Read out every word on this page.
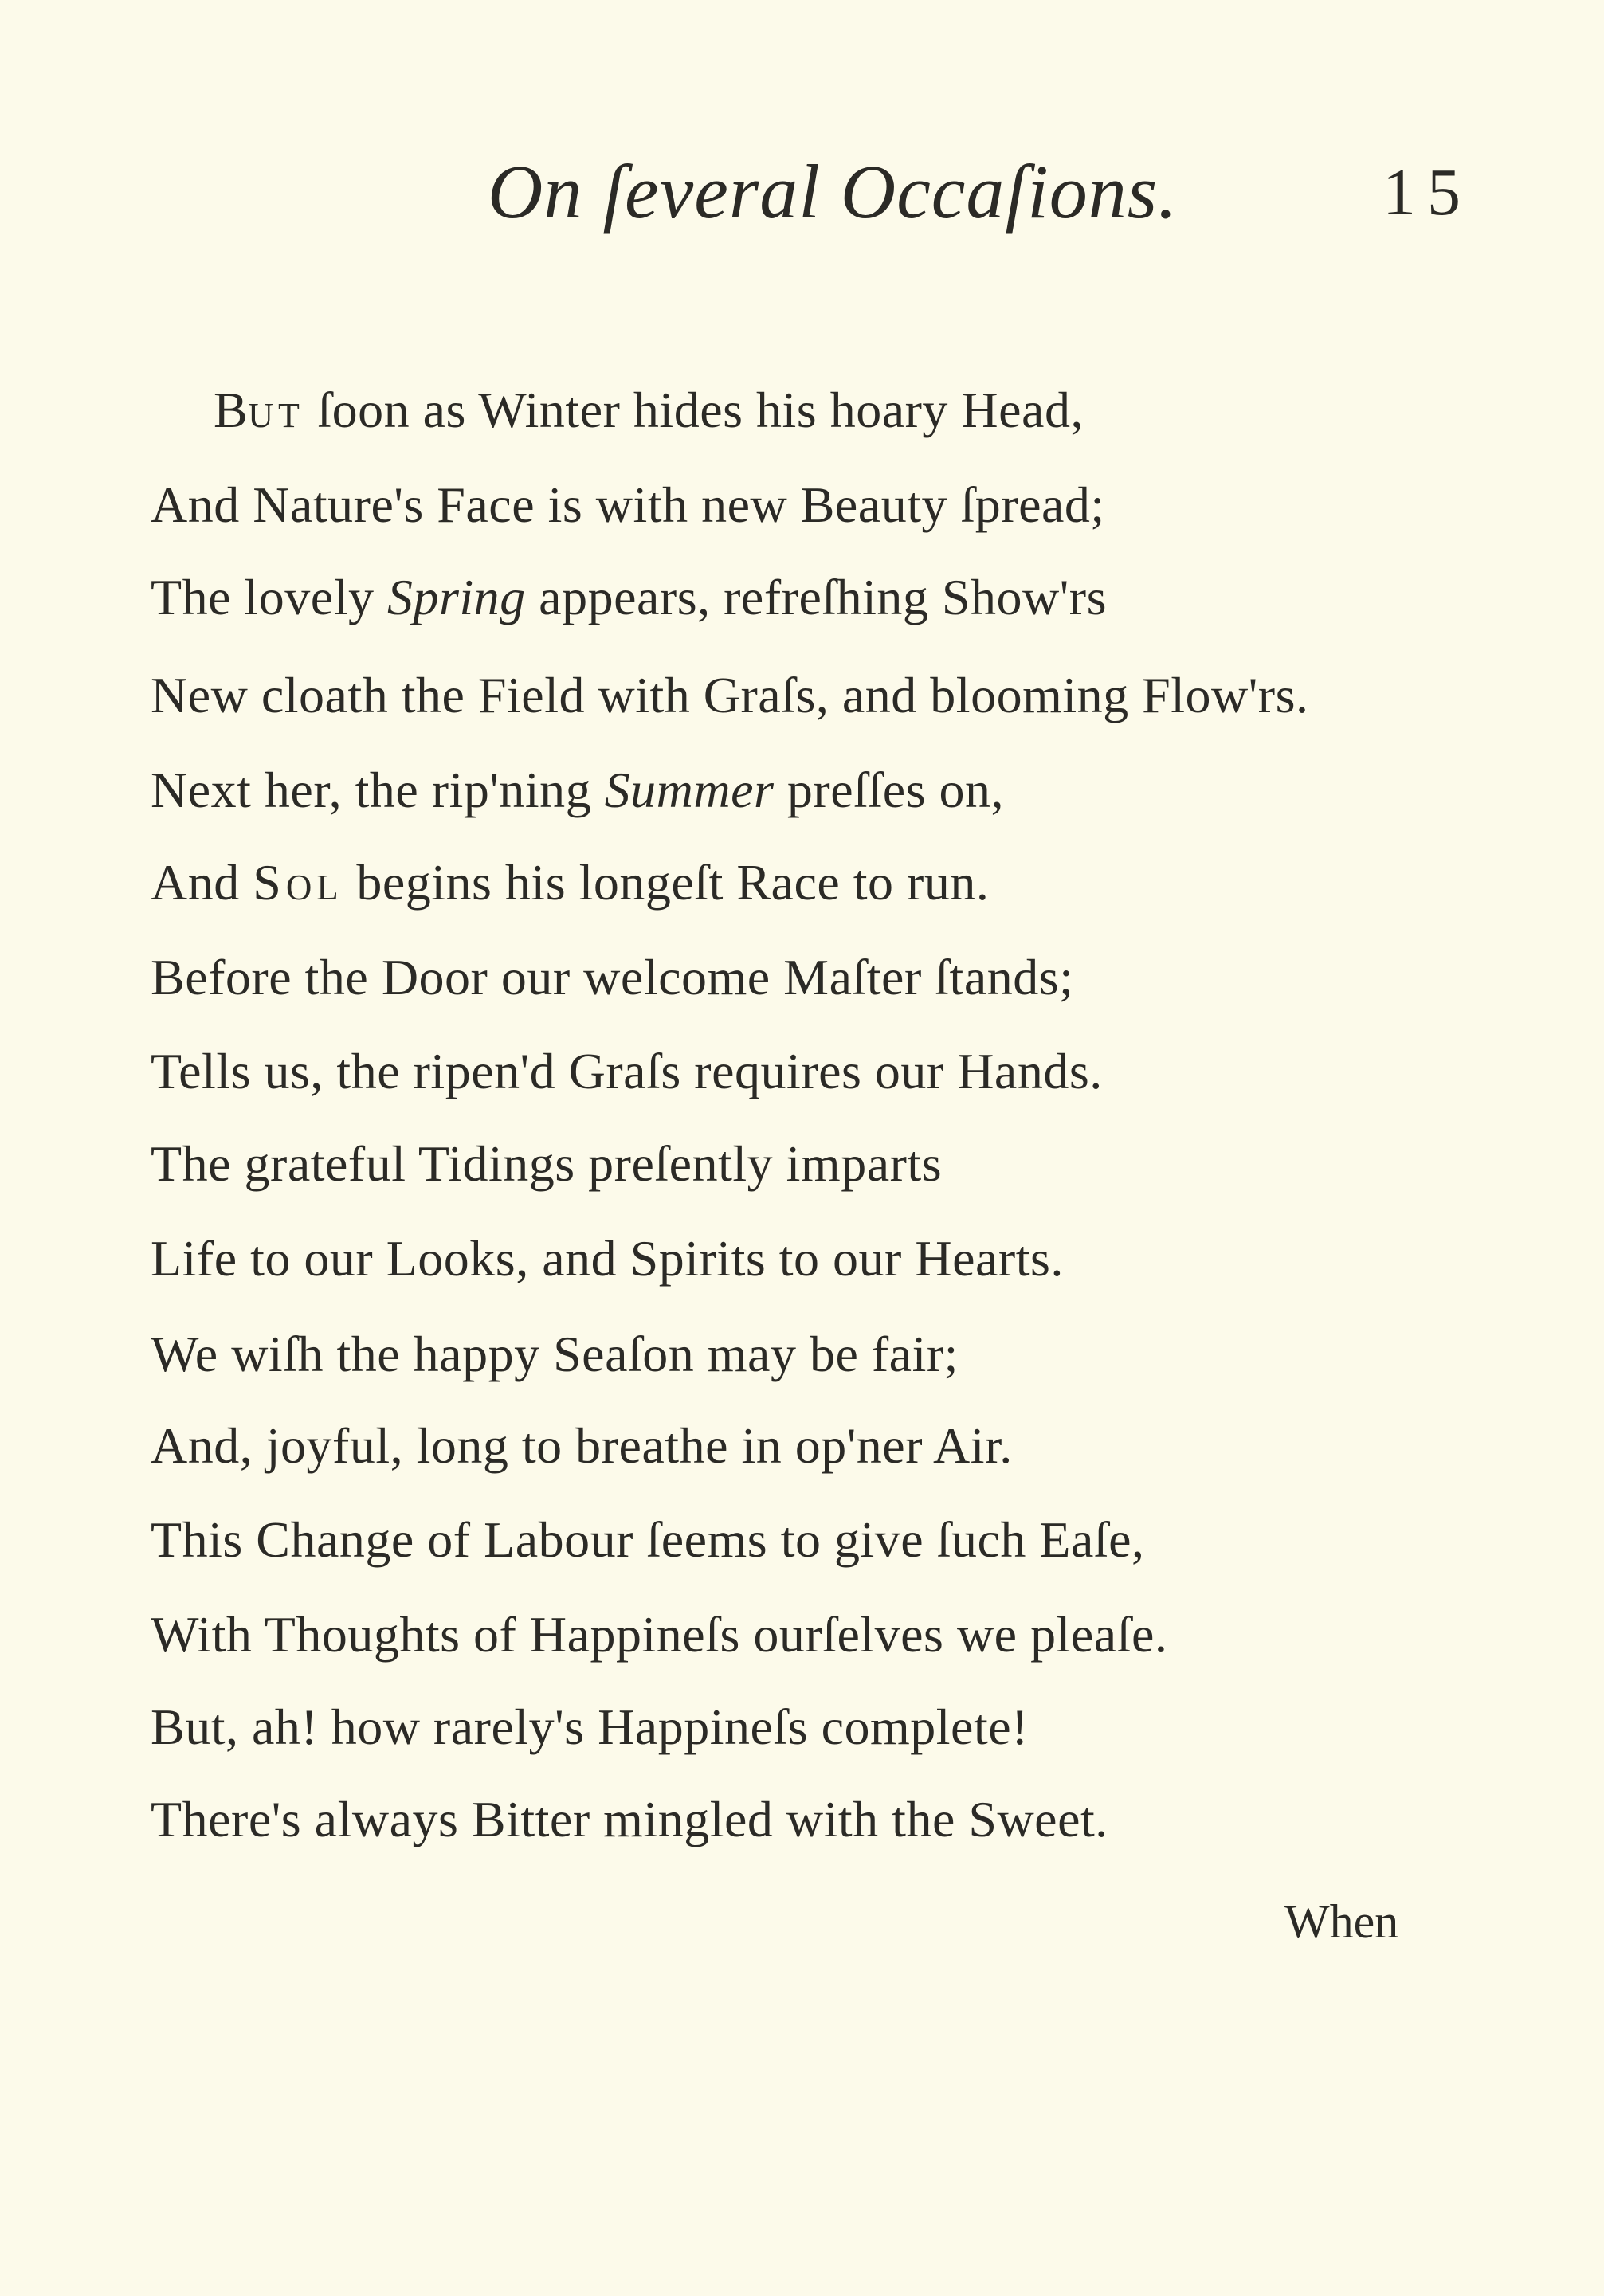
On ſeveral Occaſions.	15
BUT ſoon as Winter hides his hoary Head,
And Nature's Face is with new Beauty ſpread;
The lovely Spring appears, refreſhing Show'rs
New cloath the Field with Graſs, and blooming Flow'rs.
Next her, the rip'ning Summer preſſes on,
And Sol begins his longeſt Race to run.
Before the Door our welcome Maſter ſtands;
Tells us, the ripen'd Graſs requires our Hands.
The grateful Tidings preſently imparts
Life to our Looks, and Spirits to our Hearts.
We wiſh the happy Seaſon may be fair;
And, joyful, long to breathe in op'ner Air.
This Change of Labour ſeems to give ſuch Eaſe,
With Thoughts of Happineſs ourſelves we pleaſe.
But, ah! how rarely's Happineſs complete!
There's always Bitter mingled with the Sweet.
When
